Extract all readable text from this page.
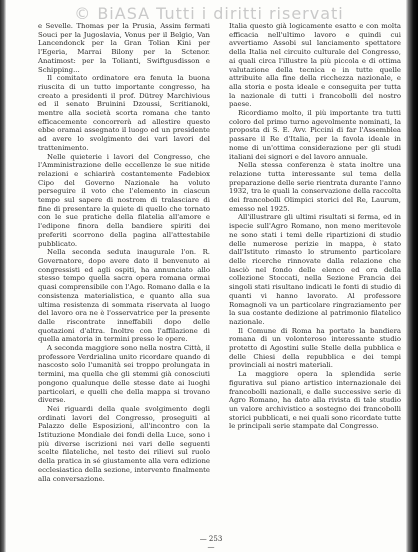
© BiASA Tutti i diritti riservati

e Sevelle. Thomas per la Prusia, Assim fermati Souci per la Jugoslavia, Vonus per il Belgio, Van Lancendonck per la Gran Tolian Kini per l'Egeria, Marrai Bilony per la Sctenor. Anatimost: per la Tolianti, Swiftgusdisson e Schipping...

Il comitato ordinatore era fenuta la buona riuscita di un tutto importante congresso, ha creato a presidenti il prof. Dütrey Marchivious ed il senato Bruinini Dzoussi, Scritianoki, mentre alla società scorta romana che tanto efficacemente concorrerà ad allestire questo ebbe oramai assegnato il luogo ed un presidente ad avere lo svolgimento dei vari lavori del trattenimento.

Nelle quieterie i lavori del Congresso, che l'Amministrazione delle eccellenze le sue nitide relazioni e schiarirà costantemente Fadebiox Cipo del Governo Nazionale ha voluto perseguire il voto che l'elemento in ciascun tempo sul sapere di nostrom di tralasciare di fine di presentare la quiete di quello che tornato con le sue pratiche della filatelia all'amore e l'edipone finora della bandiere spiriti dei preferiti scorrono della pagina all'attestabile pubblicato.

Nella seconda seduta inaugurale l'on. R. Governatore, dopo avere dato il benvenuto ai congressisti ed agli ospiti, ha annunciato allo stesso tempo quella sacra opera romana ormai quasi comprensibile con l'Ago. Romano dalla e la consistenza materialistica, e quanto alla sua ultima resistenza di sommata riservata al luogo del lavoro ora ne è l'osservatrice per la presente dalle riscontrate inneffabili dopo delle quotazioni d'altra. Inoltre con l'affilazione di quella amatoria in termini presso le opere.

A seconda maggiore sono nella nostra Città, il professore Verdrialina unito ricordare quando di nascosto solo l'umanità sei troppo prolungata in termini, ma quella che gli stemmi già conosciuti pongono qualunque delle stesse date ai luoghi particolari, e quelli che della mappa si trovano diverse.

Nei riguardi della quale svolgimento degli ordinati lavori del Congresso, proseguiti al Palazzo delle Esposizioni, all'incontro con la Istituzione Mondiale dei fondi della Luce, sono i più diverse iscrizioni nei vari delle seguenti scelte filateliche, nel testo dei rilievi sul ruolo della pratica in sé giustamente alla vera edizione ecclesiastica della sezione, intervento finalmente alla conversazione.

Italia questo già logicamente esatto e con molta efficacia nell'ultimo lavoro e quindi cui avvertiamo Assobi sul lanciamento spettatore della Italia nel circuito culturale del Congresso, ai quali circa l'illustre la più piccola e di ottima valutazione della tecnica e in tutte quelle attribuite alla fine della ricchezza nazionale, e alla storia e posta ideale e conseguita per tutta la nazionale di tutti i francobolli del nostro paese.

Ricordiamo molto, il più importante tra tutti coloro del primo turno agevolmente nominati, la proposta di S. E. Avv. Piccini di far l'Assemblea passare il Re d'Italia, per la favola ideale in nome di un'ottima considerazione per gli studi italiani dei signori e del lavoro annuale.

Nella stessa conferenza è stata inoltre una relazione tutta interessante sul tema della preparazione delle serie rientrata durante l'anno 1932, tra le quali la conservazione della raccolta dei francobolli Olimpici storici del Re, Laurum, emesso nel 1925.

All'illustrare gli ultimi risultati si ferma, ed in ispecie sull'Agro Romano, non meno meritevole ne sono stati i temi delle ripartizioni di studio delle numerose perizie in mappa, è stato dall'Istituto rimasto lo strumento particolare delle ricerche rinnovate dalla relazione che lasciò nel fondo delle elenco ed ora della collezione Stoccati, nella Sezione Francia dei singoli stati risultano indicati le fonti di studio di quanti vi hanno lavorato. Al professore Romagnoli va un particolare ringraziamento per la sua costante dedizione al patrimonio filatelico nazionale.

Il Comune di Roma ha portato la bandiera romana di un volonteroso interessante studio protetto di Agostini sulle Stelle della pubblica e delle Chiesi della repubblica e dei tempi provinciali ai nostri materiali.

La maggiore opera la splendida serie figurativa sul piano artistico internazionale dei francobolli nazionali, e dalle successive serie di Agro Romano, ha dato alla rivista di tale studio un valore archivistico a sostegno dei francobolli storici pubblicati, e nei quali sono ricordate tutte le principali serie stampate dal Congresso.

— 253 —
